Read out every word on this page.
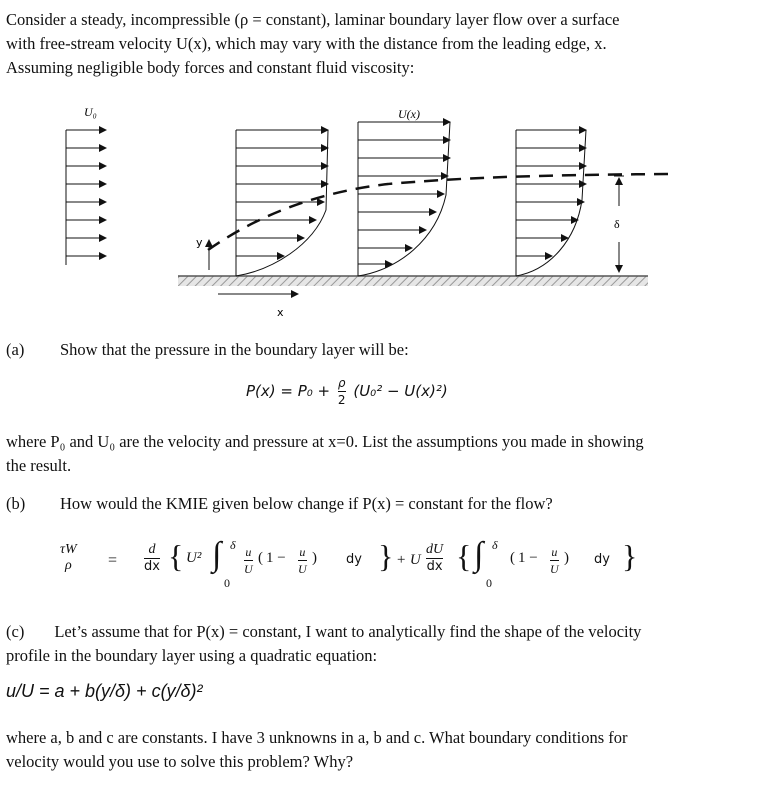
Consider a steady, incompressible (ρ = constant), laminar boundary layer flow over a surface
with free-stream velocity U(x), which may vary with the distance from the leading edge, x.
Assuming negligible body forces and constant fluid viscosity:
U₀	U(x)
y
x
δ
(a) Show that the pressure in the boundary layer will be:
$P(x) = P_0 + \frac{\rho}{2} (U_0^2 - U(x)^2)$
where P₀ and U₀ are the velocity and pressure at x=0. List the assumptions you made in showing
the result.
(b) How would the KMIE given below change if P(x) = constant for the flow?
τW
ρ	= $\frac{d}{dx}$ { U² ∫ δ
0
$\frac{u}{U}$ ( $1 - \frac{u}{U}$ ) dy } + U $\frac{dU}{dx}$ { ∫ δ
0
( $1 - \frac{u}{U}$ ) dy }
(c) Let’s assume that for P(x) = constant, I want to analytically find the shape of the velocity
profile in the boundary layer using a quadratic equation:
u/U = a + b(y/δ) + c(y/δ)²
where a, b and c are constants. I have 3 unknowns in a, b and c. What boundary conditions for
velocity would you use to solve this problem? Why?
